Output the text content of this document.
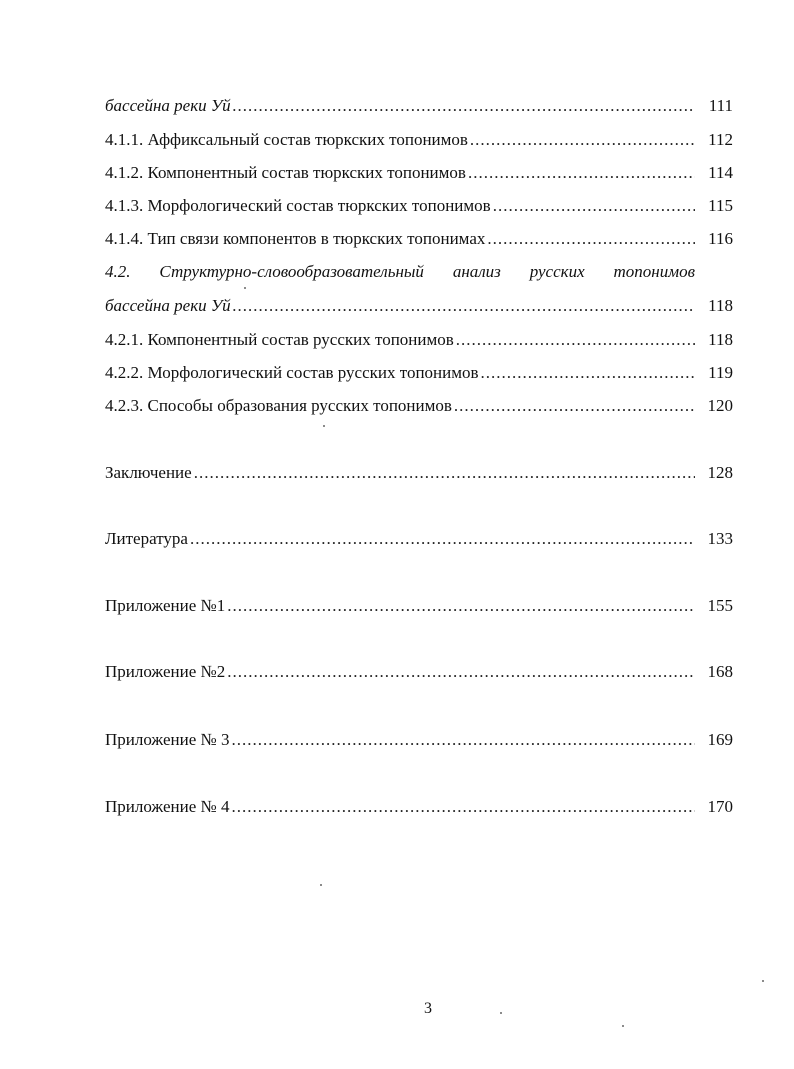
бассейна реки Уй .....	111
4.1.1. Аффиксальный состав тюркских топонимов .....	112
4.1.2. Компонентный состав тюркских топонимов .....	114
4.1.3. Морфологический состав тюркских топонимов .....	115
4.1.4. Тип связи компонентов в тюркских топонимах .....	116
4.2. Структурно-словообразовательный анализ русских топонимов
бассейна реки Уй .....	118
4.2.1. Компонентный состав русских топонимов .....	118
4.2.2. Морфологический состав русских топонимов .....	119
4.2.3. Способы образования русских топонимов .....	120
Заключение .....	128
Литература .....	133
Приложение №1 .....	155
Приложение №2 .....	168
Приложение № 3 .....	169
Приложение № 4 .....	170
3
